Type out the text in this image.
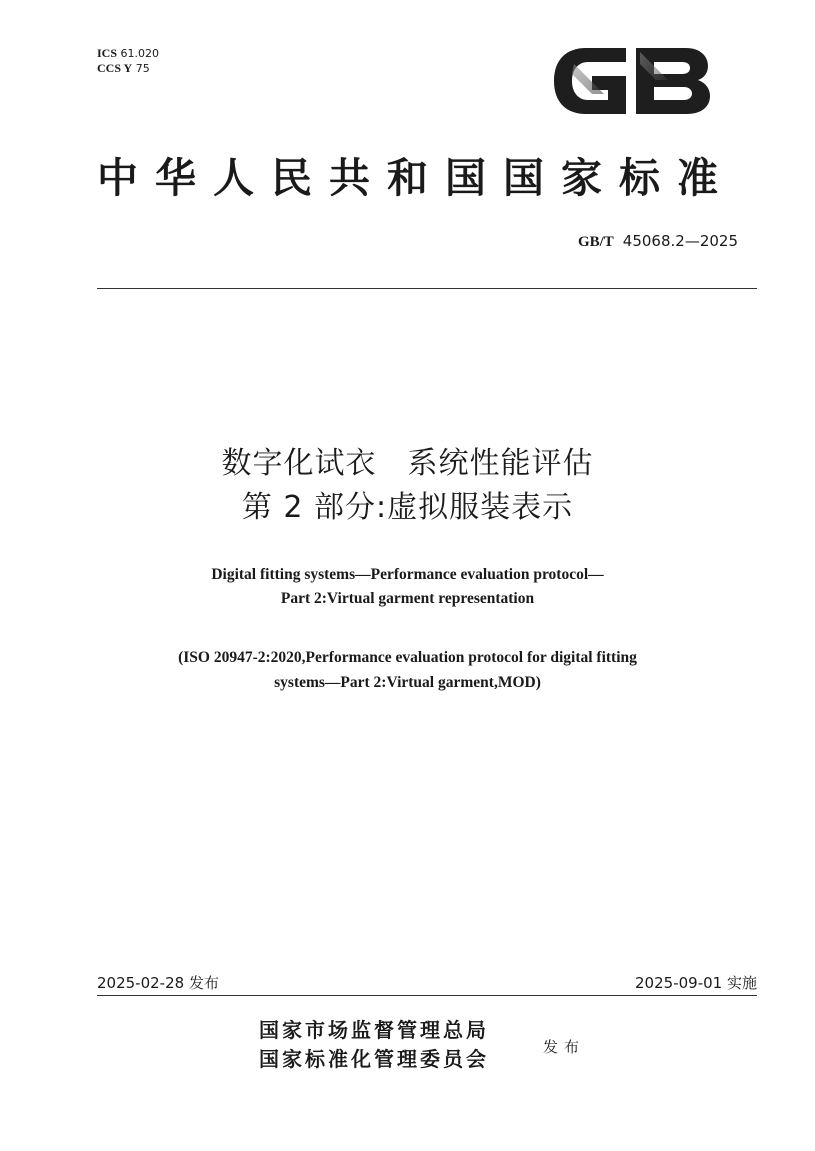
ICS 61.020
CCS Y 75
中华人民共和国国家标准
GB/T 45068.2—2025
数字化试衣　系统性能评估
第 2 部分:虚拟服装表示
Digital fitting systems—Performance evaluation protocol—
Part 2:Virtual garment representation
(ISO 20947-2:2020,Performance evaluation protocol for digital fitting
systems—Part 2:Virtual garment,MOD)
2025-02-28 发布	2025-09-01 实施
国家市场监督管理总局
国家标准化管理委员会	发布
